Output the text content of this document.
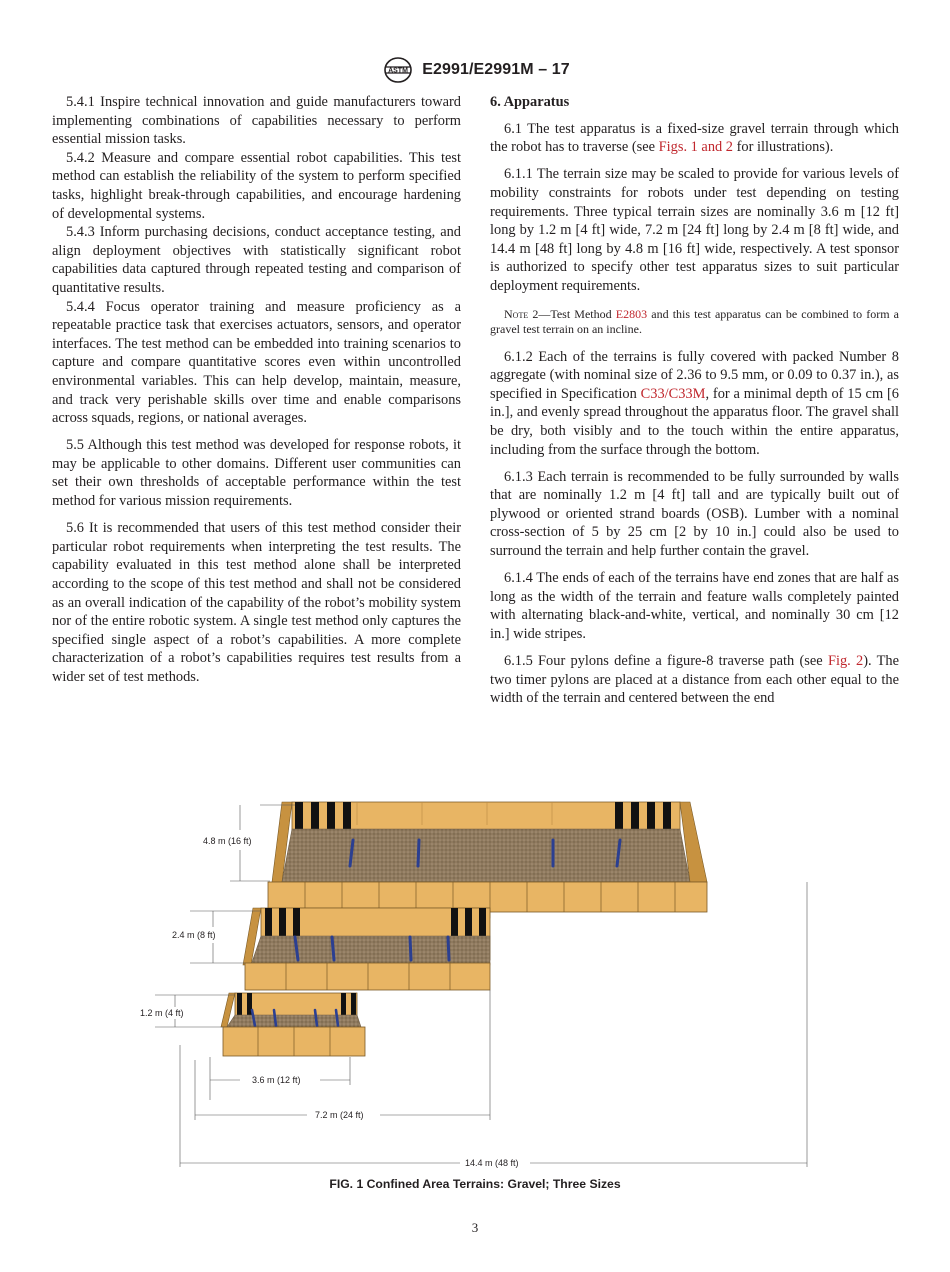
ASTM E2991/E2991M – 17

5.4.1 Inspire technical innovation and guide manufacturers toward implementing combinations of capabilities necessary to perform essential mission tasks.

5.4.2 Measure and compare essential robot capabilities. This test method can establish the reliability of the system to perform specified tasks, highlight break-through capabilities, and encourage hardening of developmental systems.

5.4.3 Inform purchasing decisions, conduct acceptance testing, and align deployment objectives with statistically significant robot capabilities data captured through repeated testing and comparison of quantitative results.

5.4.4 Focus operator training and measure proficiency as a repeatable practice task that exercises actuators, sensors, and operator interfaces. The test method can be embedded into training scenarios to capture and compare quantitative scores even within uncontrolled environmental variables. This can help develop, maintain, measure, and track very perishable skills over time and enable comparisons across squads, regions, or national averages.

5.5 Although this test method was developed for response robots, it may be applicable to other domains. Different user communities can set their own thresholds of acceptable performance within the test method for various mission requirements.

5.6 It is recommended that users of this test method consider their particular robot requirements when interpreting the test results. The capability evaluated in this test method alone shall be interpreted according to the scope of this test method and shall not be considered as an overall indication of the capability of the robot’s mobility system nor of the entire robotic system. A single test method only captures the specified single aspect of a robot’s capabilities. A more complete characterization of a robot’s capabilities requires test results from a wider set of test methods.

6. Apparatus

6.1 The test apparatus is a fixed-size gravel terrain through which the robot has to traverse (see Figs. 1 and 2 for illustrations).

6.1.1 The terrain size may be scaled to provide for various levels of mobility constraints for robots under test depending on testing requirements. Three typical terrain sizes are nominally 3.6 m [12 ft] long by 1.2 m [4 ft] wide, 7.2 m [24 ft] long by 2.4 m [8 ft] wide, and 14.4 m [48 ft] long by 4.8 m [16 ft] wide, respectively. A test sponsor is authorized to specify other test apparatus sizes to suit particular deployment requirements.

Note 2—Test Method E2803 and this test apparatus can be combined to form a gravel test terrain on an incline.

6.1.2 Each of the terrains is fully covered with packed Number 8 aggregate (with nominal size of 2.36 to 9.5 mm, or 0.09 to 0.37 in.), as specified in Specification C33/C33M, for a minimal depth of 15 cm [6 in.], and evenly spread throughout the apparatus floor. The gravel shall be dry, both visibly and to the touch within the entire apparatus, including from the surface through the bottom.

6.1.3 Each terrain is recommended to be fully surrounded by walls that are nominally 1.2 m [4 ft] tall and are typically built out of plywood or oriented strand boards (OSB). Lumber with a nominal cross-section of 5 by 25 cm [2 by 10 in.] could also be used to surround the terrain and help further contain the gravel.

6.1.4 The ends of each of the terrains have end zones that are half as long as the width of the terrain and feature walls completely painted with alternating black-and-white, vertical, and nominally 30 cm [12 in.] wide stripes.

6.1.5 Four pylons define a figure-8 traverse path (see Fig. 2). The two timer pylons are placed at a distance from each other equal to the width of the terrain and centered between the end

4.8 m (16 ft)
2.4 m (8 ft)
1.2 m (4 ft)
3.6 m (12 ft)
7.2 m (24 ft)
14.4 m (48 ft)
FIG. 1 Confined Area Terrains: Gravel; Three Sizes
3
